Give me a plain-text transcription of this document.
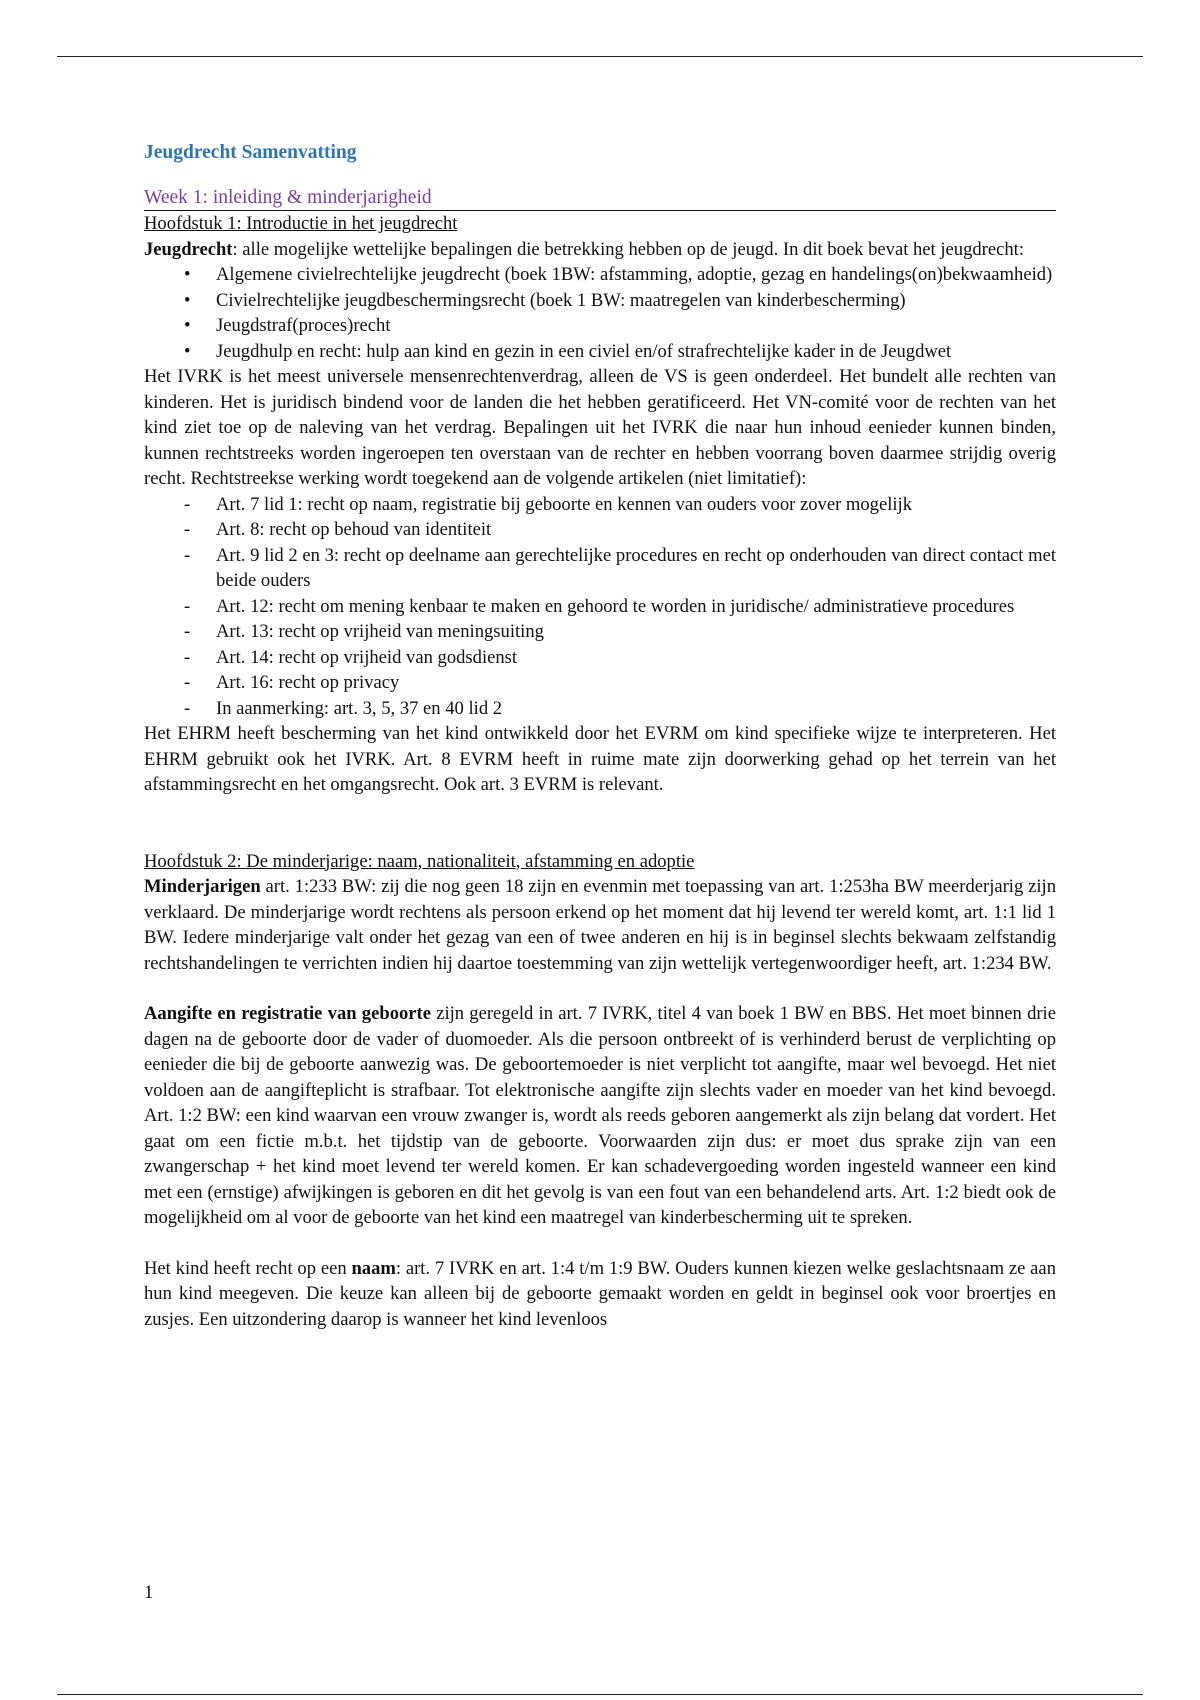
Jeugdrecht Samenvatting

Week 1: inleiding & minderjarigheid

Hoofdstuk 1: Introductie in het jeugdrecht

Jeugdrecht: alle mogelijke wettelijke bepalingen die betrekking hebben op de jeugd. In dit boek bevat het jeugdrecht:

• Algemene civielrechtelijke jeugdrecht (boek 1BW: afstamming, adoptie, gezag en handelings(on)bekwaamheid)
• Civielrechtelijke jeugdbeschermingsrecht (boek 1 BW: maatregelen van kinderbescherming)
• Jeugdstraf(proces)recht
• Jeugdhulp en recht: hulp aan kind en gezin in een civiel en/of strafrechtelijke kader in de Jeugdwet

Het IVRK is het meest universele mensenrechtenverdrag, alleen de VS is geen onderdeel. Het bundelt alle rechten van kinderen. Het is juridisch bindend voor de landen die het hebben geratificeerd. Het VN-comité voor de rechten van het kind ziet toe op de naleving van het verdrag. Bepalingen uit het IVRK die naar hun inhoud eenieder kunnen binden, kunnen rechtstreeks worden ingeroepen ten overstaan van de rechter en hebben voorrang boven daarmee strijdig overig recht. Rechtstreekse werking wordt toegekend aan de volgende artikelen (niet limitatief):

- Art. 7 lid 1: recht op naam, registratie bij geboorte en kennen van ouders voor zover mogelijk
- Art. 8: recht op behoud van identiteit
- Art. 9 lid 2 en 3: recht op deelname aan gerechtelijke procedures en recht op onderhouden van direct contact met beide ouders
- Art. 12: recht om mening kenbaar te maken en gehoord te worden in juridische/ administratieve procedures
- Art. 13: recht op vrijheid van meningsuiting
- Art. 14: recht op vrijheid van godsdienst
- Art. 16: recht op privacy
- In aanmerking: art. 3, 5, 37 en 40 lid 2

Het EHRM heeft bescherming van het kind ontwikkeld door het EVRM om kind specifieke wijze te interpreteren. Het EHRM gebruikt ook het IVRK. Art. 8 EVRM heeft in ruime mate zijn doorwerking gehad op het terrein van het afstammingsrecht en het omgangsrecht. Ook art. 3 EVRM is relevant.

Hoofdstuk 2: De minderjarige: naam, nationaliteit, afstamming en adoptie

Minderjarigen art. 1:233 BW: zij die nog geen 18 zijn en evenmin met toepassing van art. 1:253ha BW meerderjarig zijn verklaard. De minderjarige wordt rechtens als persoon erkend op het moment dat hij levend ter wereld komt, art. 1:1 lid 1 BW. Iedere minderjarige valt onder het gezag van een of twee anderen en hij is in beginsel slechts bekwaam zelfstandig rechtshandelingen te verrichten indien hij daartoe toestemming van zijn wettelijk vertegenwoordiger heeft, art. 1:234 BW.

Aangifte en registratie van geboorte zijn geregeld in art. 7 IVRK, titel 4 van boek 1 BW en BBS. Het moet binnen drie dagen na de geboorte door de vader of duomoeder. Als die persoon ontbreekt of is verhinderd berust de verplichting op eenieder die bij de geboorte aanwezig was. De geboortemoeder is niet verplicht tot aangifte, maar wel bevoegd. Het niet voldoen aan de aangifteplicht is strafbaar. Tot elektronische aangifte zijn slechts vader en moeder van het kind bevoegd. Art. 1:2 BW: een kind waarvan een vrouw zwanger is, wordt als reeds geboren aangemerkt als zijn belang dat vordert. Het gaat om een fictie m.b.t. het tijdstip van de geboorte. Voorwaarden zijn dus: er moet dus sprake zijn van een zwangerschap + het kind moet levend ter wereld komen. Er kan schadevergoeding worden ingesteld wanneer een kind met een (ernstige) afwijkingen is geboren en dit het gevolg is van een fout van een behandelend arts. Art. 1:2 biedt ook de mogelijkheid om al voor de geboorte van het kind een maatregel van kinderbescherming uit te spreken.

Het kind heeft recht op een naam: art. 7 IVRK en art. 1:4 t/m 1:9 BW. Ouders kunnen kiezen welke geslachtsnaam ze aan hun kind meegeven. Die keuze kan alleen bij de geboorte gemaakt worden en geldt in beginsel ook voor broertjes en zusjes. Een uitzondering daarop is wanneer het kind levenloos

1
